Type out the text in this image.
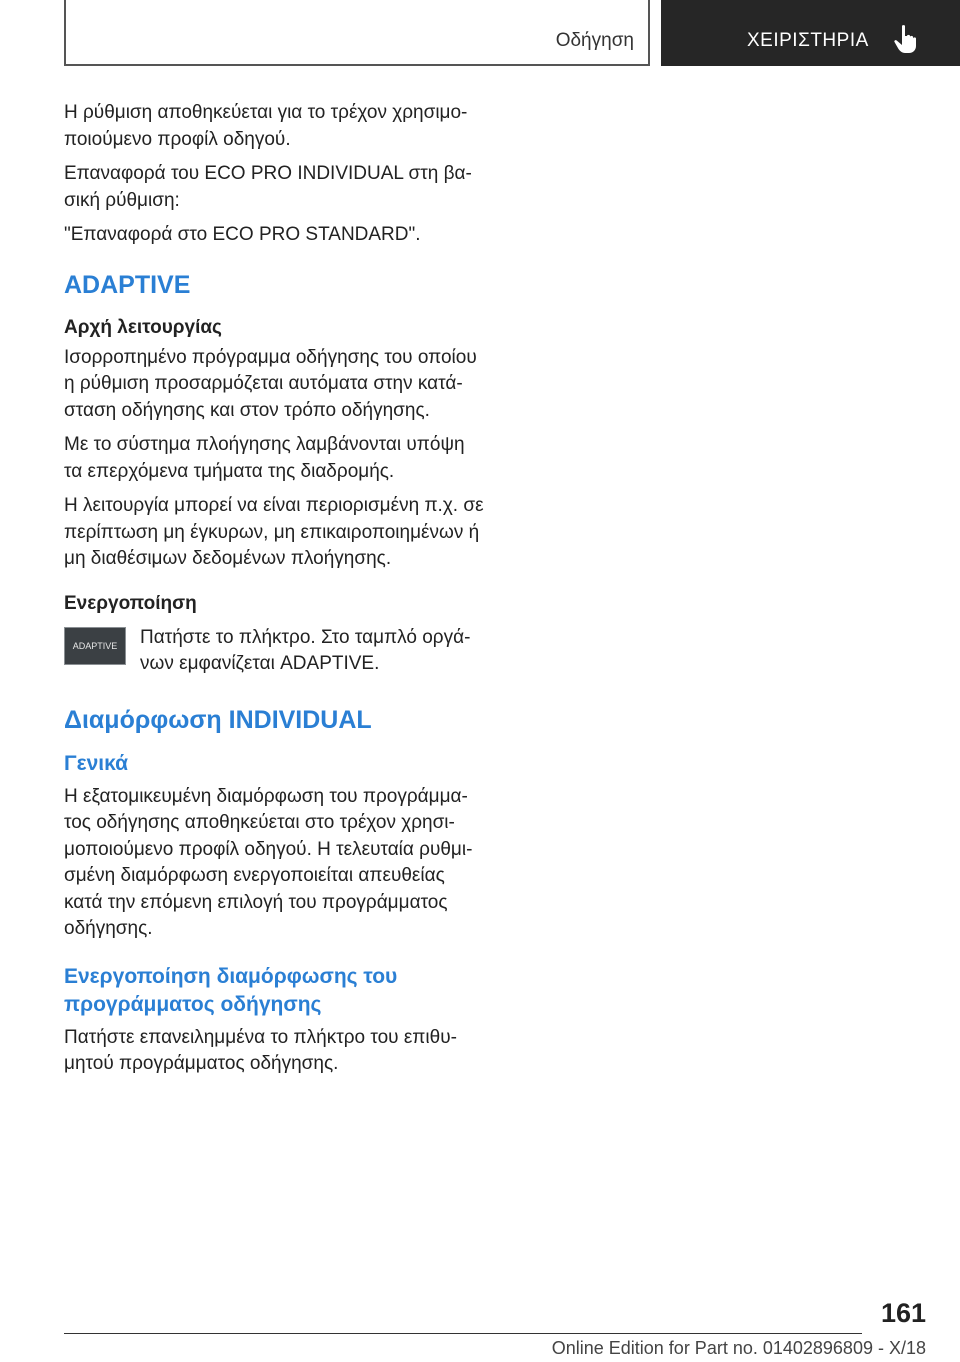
Οδήγηση	ΧΕΙΡΙΣΤΗΡΙΑ

Η ρύθμιση αποθηκεύεται για το τρέχον χρησιμο‐ποιούμενο προφίλ οδηγού.

Επαναφορά του ECO PRO INDIVIDUAL στη βα‐σική ρύθμιση:

"Επαναφορά στο ECO PRO STANDARD".

ADAPTIVE
Αρχή λειτουργίας

Ισορροπημένο πρόγραμμα οδήγησης του οποίου η ρύθμιση προσαρμόζεται αυτόματα στην κατά‐σταση οδήγησης και στον τρόπο οδήγησης.

Με το σύστημα πλοήγησης λαμβάνονται υπόψη τα επερχόμενα τμήματα της διαδρομής.

Η λειτουργία μπορεί να είναι περιορισμένη π.χ. σε περίπτωση μη έγκυρων, μη επικαιροποιημένων ή μη διαθέσιμων δεδομένων πλοήγησης.

Ενεργοποίηση
ADAPTIVE	Πατήστε το πλήκτρο. Στο ταμπλό οργά‐νων εμφανίζεται ADAPTIVE.

Διαμόρφωση INDIVIDUAL
Γενικά

Η εξατομικευμένη διαμόρφωση του προγράμμα‐τος οδήγησης αποθηκεύεται στο τρέχον χρησι‐μοποιούμενο προφίλ οδηγού. Η τελευταία ρυθμι‐σμένη διαμόρφωση ενεργοποιείται απευθείας κατά την επόμενη επιλογή του προγράμματος οδήγησης.

Ενεργοποίηση διαμόρφωσης του προγράμματος οδήγησης

Πατήστε επανειλημμένα το πλήκτρο του επιθυ‐μητού προγράμματος οδήγησης.

161
Online Edition for Part no. 01402896809 - X/18
